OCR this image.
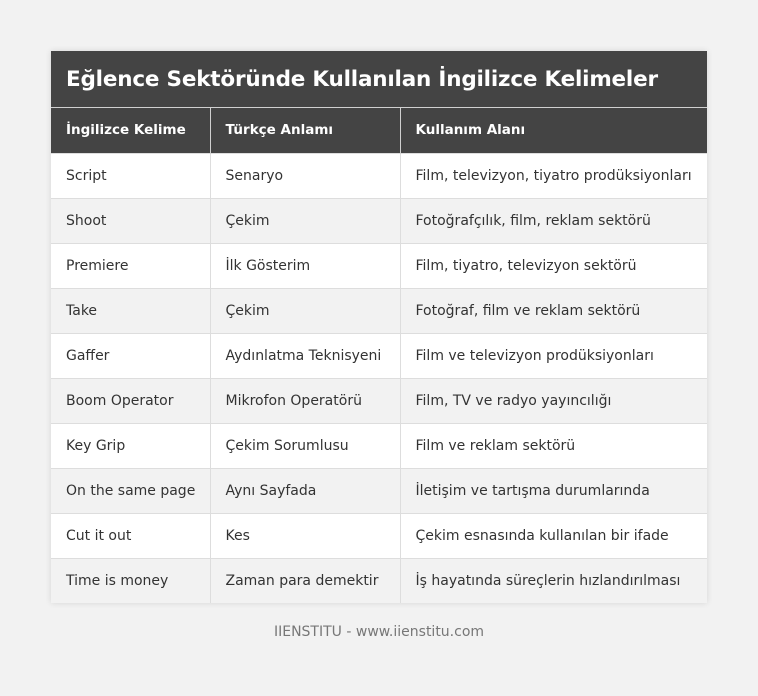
Eğlence Sektöründe Kullanılan İngilizce Kelimeler
İngilizce Kelime	Türkçe Anlamı	Kullanım Alanı
Script	Senaryo	Film, televizyon, tiyatro prodüksiyonları
Shoot	Çekim	Fotoğrafçılık, film, reklam sektörü
Premiere	İlk Gösterim	Film, tiyatro, televizyon sektörü
Take	Çekim	Fotoğraf, film ve reklam sektörü
Gaffer	Aydınlatma Teknisyeni	Film ve televizyon prodüksiyonları
Boom Operator	Mikrofon Operatörü	Film, TV ve radyo yayıncılığı
Key Grip	Çekim Sorumlusu	Film ve reklam sektörü
On the same page	Aynı Sayfada	İletişim ve tartışma durumlarında
Cut it out	Kes	Çekim esnasında kullanılan bir ifade
Time is money	Zaman para demektir	İş hayatında süreçlerin hızlandırılması
IIENSTITU - www.iienstitu.com
